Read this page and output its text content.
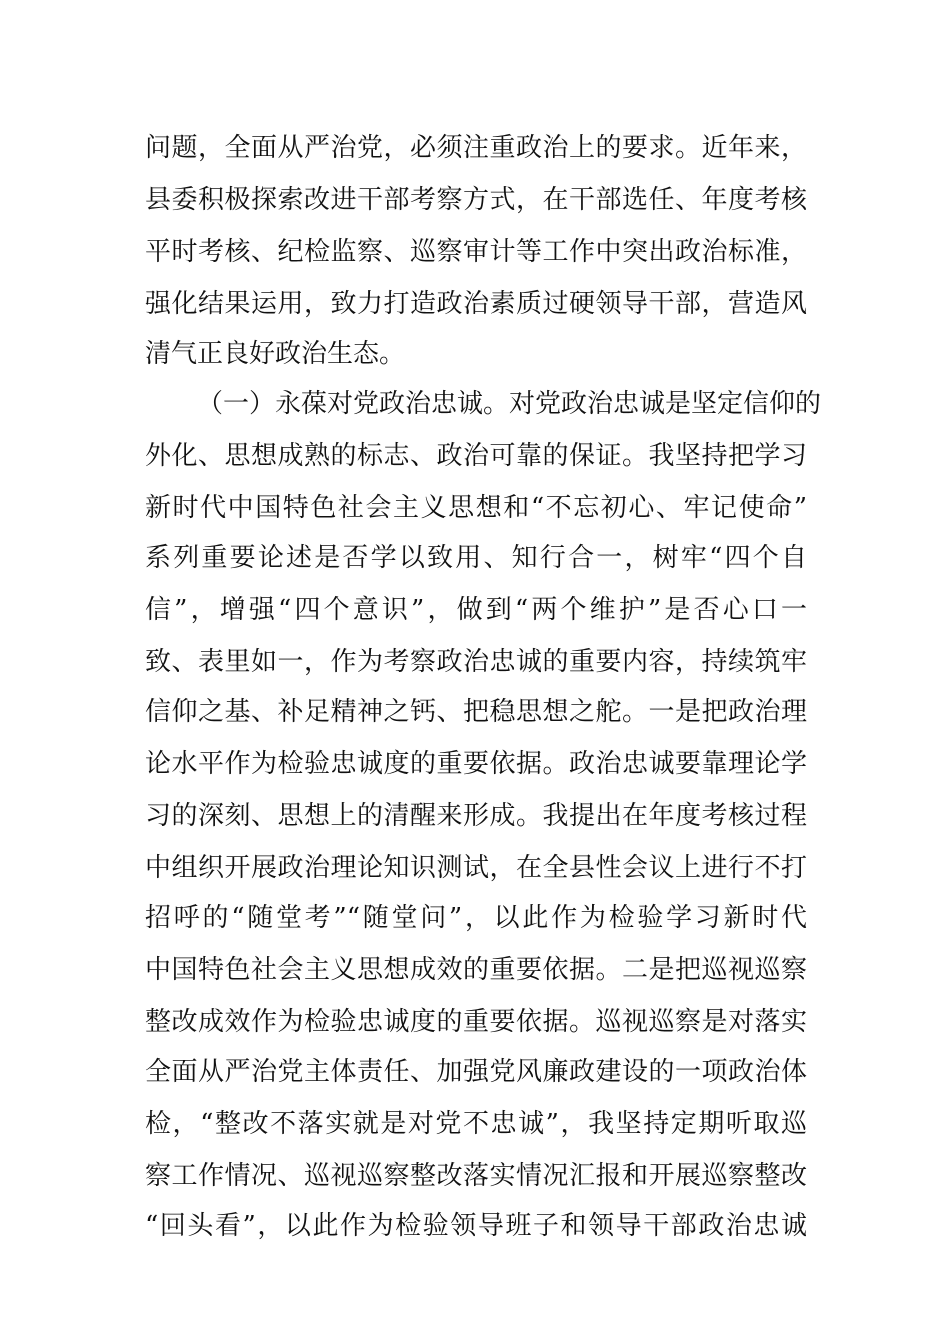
问题，全面从严治党，必须注重政治上的要求。近年来，
县委积极探索改进干部考察方式，在干部选任、年度考核
平时考核、纪检监察、巡察审计等工作中突出政治标准，
强化结果运用，致力打造政治素质过硬领导干部，营造风
清气正良好政治生态。
（一）永葆对党政治忠诚。对党政治忠诚是坚定信仰的
外化、思想成熟的标志、政治可靠的保证。我坚持把学习
新时代中国特色社会主义思想和“不忘初心、牢记使命”
系列重要论述是否学以致用、知行合一，树牢“四个自
信”，增强“四个意识”，做到“两个维护”是否心口一
致、表里如一，作为考察政治忠诚的重要内容，持续筑牢
信仰之基、补足精神之钙、把稳思想之舵。一是把政治理
论水平作为检验忠诚度的重要依据。政治忠诚要靠理论学
习的深刻、思想上的清醒来形成。我提出在年度考核过程
中组织开展政治理论知识测试，在全县性会议上进行不打
招呼的“随堂考”“随堂问”，以此作为检验学习新时代
中国特色社会主义思想成效的重要依据。二是把巡视巡察
整改成效作为检验忠诚度的重要依据。巡视巡察是对落实
全面从严治党主体责任、加强党风廉政建设的一项政治体
检，“整改不落实就是对党不忠诚”，我坚持定期听取巡
察工作情况、巡视巡察整改落实情况汇报和开展巡察整改
“回头看”，以此作为检验领导班子和领导干部政治忠诚
